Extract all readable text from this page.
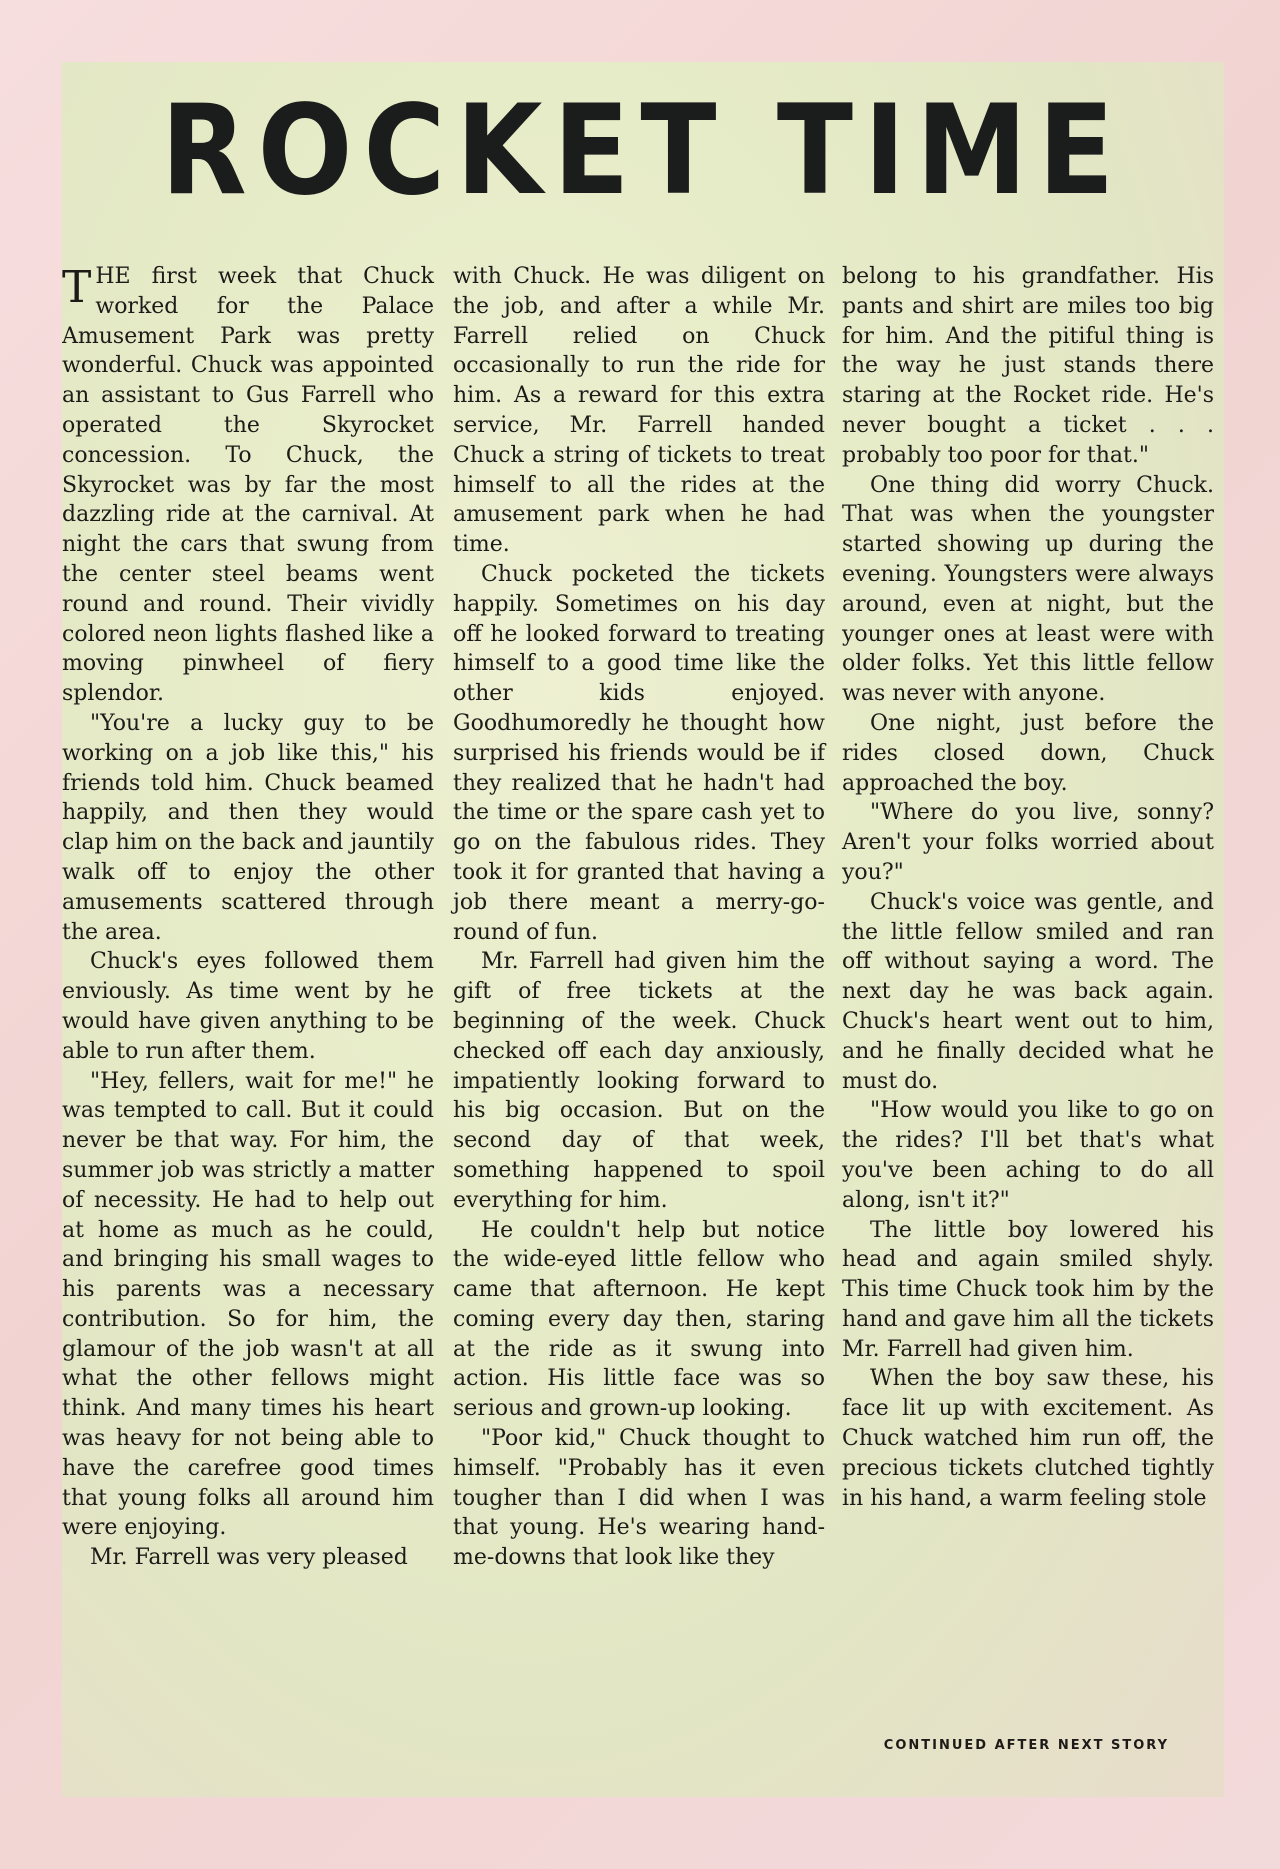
ROCKET TIME

THE first week that Chuck worked for the Palace Amusement Park was pretty wonderful. Chuck was appointed an assistant to Gus Farrell who operated the Skyrocket concession. To Chuck, the Skyrocket was by far the most dazzling ride at the carnival. At night the cars that swung from the center steel beams went round and round. Their vividly colored neon lights flashed like a moving pinwheel of fiery splendor.

"You're a lucky guy to be working on a job like this," his friends told him. Chuck beamed happily, and then they would clap him on the back and jauntily walk off to enjoy the other amusements scattered through the area.

Chuck's eyes followed them enviously. As time went by he would have given anything to be able to run after them.

"Hey, fellers, wait for me!" he was tempted to call. But it could never be that way. For him, the summer job was strictly a matter of necessity. He had to help out at home as much as he could, and bringing his small wages to his parents was a necessary contribution. So for him, the glamour of the job wasn't at all what the other fellows might think. And many times his heart was heavy for not being able to have the carefree good times that young folks all around him were enjoying.

Mr. Farrell was very pleased

with Chuck. He was diligent on the job, and after a while Mr. Farrell relied on Chuck occasionally to run the ride for him. As a reward for this extra service, Mr. Farrell handed Chuck a string of tickets to treat himself to all the rides at the amusement park when he had time.

Chuck pocketed the tickets happily. Sometimes on his day off he looked forward to treating himself to a good time like the other kids enjoyed. Goodhumoredly he thought how surprised his friends would be if they realized that he hadn't had the time or the spare cash yet to go on the fabulous rides. They took it for granted that having a job there meant a merry-go-round of fun.

Mr. Farrell had given him the gift of free tickets at the beginning of the week. Chuck checked off each day anxiously, impatiently looking forward to his big occasion. But on the second day of that week, something happened to spoil everything for him.

He couldn't help but notice the wide-eyed little fellow who came that afternoon. He kept coming every day then, staring at the ride as it swung into action. His little face was so serious and grown-up looking.

"Poor kid," Chuck thought to himself. "Probably has it even tougher than I did when I was that young. He's wearing hand-me-downs that look like they

belong to his grandfather. His pants and shirt are miles too big for him. And the pitiful thing is the way he just stands there staring at the Rocket ride. He's never bought a ticket . . . probably too poor for that."

One thing did worry Chuck. That was when the youngster started showing up during the evening. Youngsters were always around, even at night, but the younger ones at least were with older folks. Yet this little fellow was never with anyone.

One night, just before the rides closed down, Chuck approached the boy.

"Where do you live, sonny? Aren't your folks worried about you?"

Chuck's voice was gentle, and the little fellow smiled and ran off without saying a word. The next day he was back again. Chuck's heart went out to him, and he finally decided what he must do.

"How would you like to go on the rides? I'll bet that's what you've been aching to do all along, isn't it?"

The little boy lowered his head and again smiled shyly. This time Chuck took him by the hand and gave him all the tickets Mr. Farrell had given him.

When the boy saw these, his face lit up with excitement. As Chuck watched him run off, the precious tickets clutched tightly in his hand, a warm feeling stole

CONTINUED AFTER NEXT STORY
